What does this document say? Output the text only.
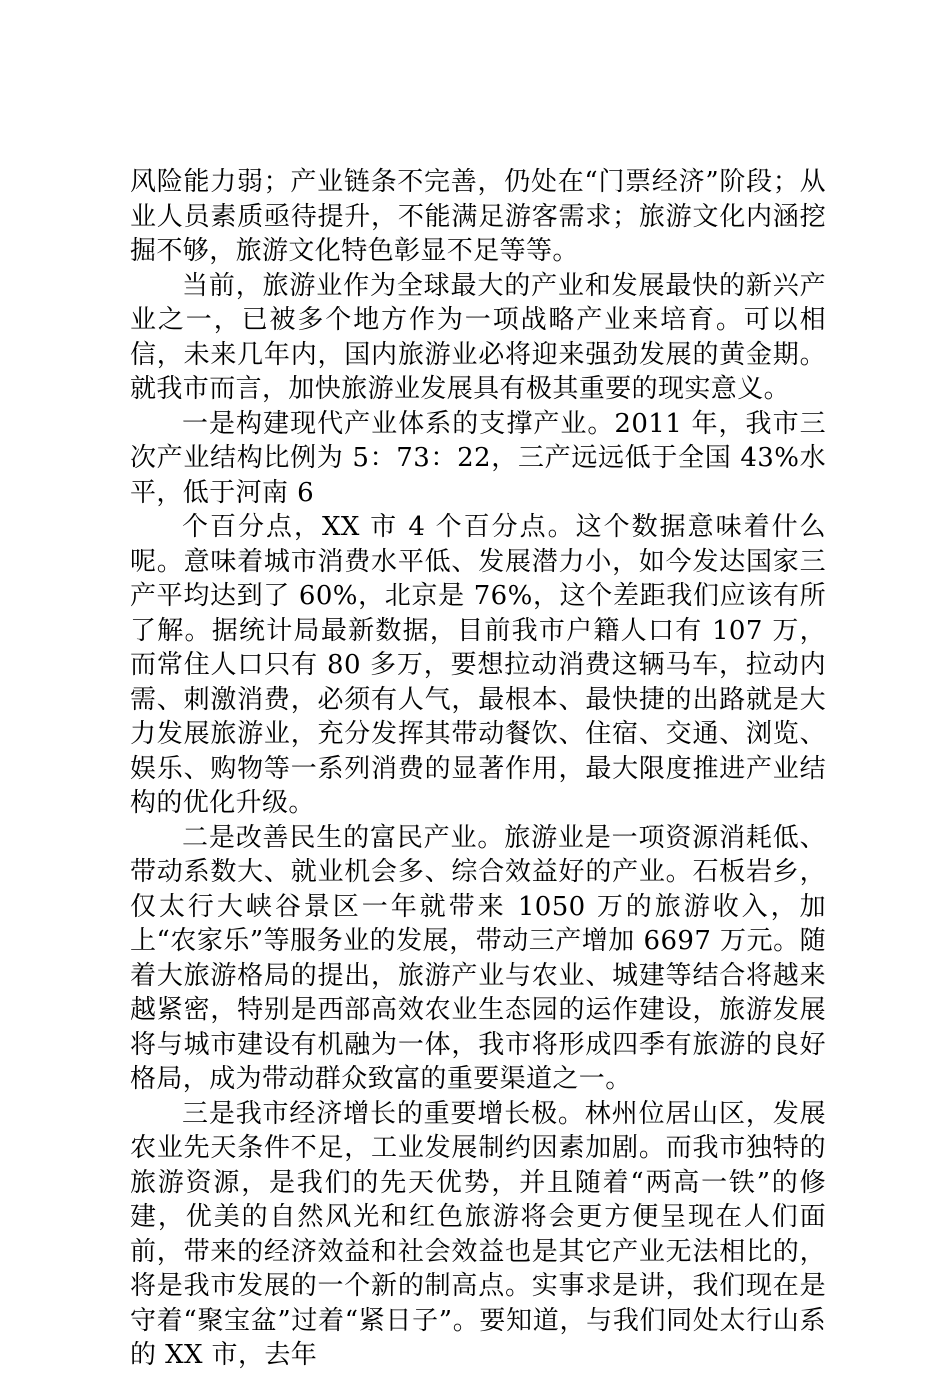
风险能力弱；产业链条不完善，仍处在“门票经济”阶段；从业人员素质亟待提升，不能满足游客需求；旅游文化内涵挖掘不够，旅游文化特色彰显不足等等。

当前，旅游业作为全球最大的产业和发展最快的新兴产业之一，已被多个地方作为一项战略产业来培育。可以相信，未来几年内，国内旅游业必将迎来强劲发展的黄金期。就我市而言，加快旅游业发展具有极其重要的现实意义。

一是构建现代产业体系的支撑产业。2011 年，我市三次产业结构比例为 5：73：22，三产远远低于全国 43%水平，低于河南 6

个百分点，XX 市 4 个百分点。这个数据意味着什么呢。意味着城市消费水平低、发展潜力小，如今发达国家三产平均达到了 60%，北京是 76%，这个差距我们应该有所了解。据统计局最新数据，目前我市户籍人口有 107 万，而常住人口只有 80 多万，要想拉动消费这辆马车，拉动内需、刺激消费，必须有人气，最根本、最快捷的出路就是大力发展旅游业，充分发挥其带动餐饮、住宿、交通、浏览、娱乐、购物等一系列消费的显著作用，最大限度推进产业结构的优化升级。

二是改善民生的富民产业。旅游业是一项资源消耗低、带动系数大、就业机会多、综合效益好的产业。石板岩乡，仅太行大峡谷景区一年就带来 1050 万的旅游收入，加上“农家乐”等服务业的发展，带动三产增加 6697 万元。随着大旅游格局的提出，旅游产业与农业、城建等结合将越来越紧密，特别是西部高效农业生态园的运作建设，旅游发展将与城市建设有机融为一体，我市将形成四季有旅游的良好格局，成为带动群众致富的重要渠道之一。

三是我市经济增长的重要增长极。林州位居山区，发展农业先天条件不足，工业发展制约因素加剧。而我市独特的旅游资源，是我们的先天优势，并且随着“两高一铁”的修建，优美的自然风光和红色旅游将会更方便呈现在人们面前，带来的经济效益和社会效益也是其它产业无法相比的，将是我市发展的一个新的制高点。实事求是讲，我们现在是守着“聚宝盆”过着“紧日子”。要知道，与我们同处太行山系的 XX 市，去年
